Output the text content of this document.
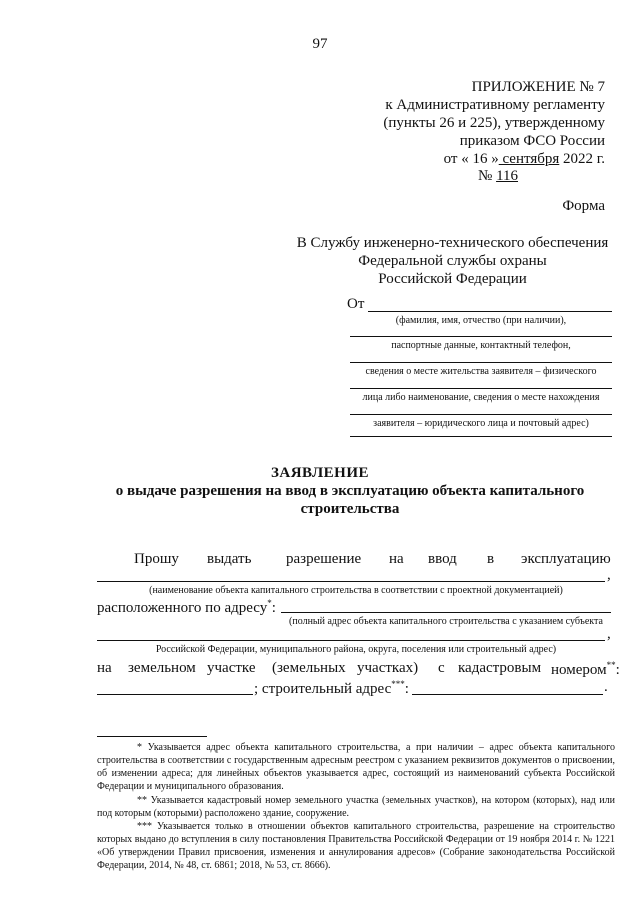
97
ПРИЛОЖЕНИЕ № 7
к Административному регламенту
(пункты 26 и 225), утвержденному
приказом ФСО России
от « 16 » сентября 2022 г.
№ 116
Форма
В Службу инженерно-технического обеспечения
Федеральной службы охраны
Российской Федерации
От
(фамилия, имя, отчество (при наличии),
паспортные данные, контактный телефон,
сведения о месте жительства заявителя – физического
лица либо наименование, сведения о месте нахождения
заявителя – юридического лица и почтовый адрес)
ЗАЯВЛЕНИЕ
о выдаче разрешения на ввод в эксплуатацию объекта капитального
строительства
Прошу выдать разрешение на ввод в эксплуатацию
,
(наименование объекта капитального строительства в соответствии с проектной документацией)
расположенного по адресу*:
(полный адрес объекта капитального строительства с указанием субъекта
,
Российской Федерации, муниципального района, округа, поселения или строительный адрес)
на земельном участке (земельных участках) с кадастровым номером**:
; строительный адрес***:	.
* Указывается адрес объекта капитального строительства, а при наличии – адрес объекта капитального строительства в соответствии с государственным адресным реестром с указанием реквизитов документов о присвоении, об изменении адреса; для линейных объектов указывается адрес, состоящий из наименований субъекта Российской Федерации и муниципального образования.
** Указывается кадастровый номер земельного участка (земельных участков), на котором (которых), над или под которым (которыми) расположено здание, сооружение.
*** Указывается только в отношении объектов капитального строительства, разрешение на строительство которых выдано до вступления в силу постановления Правительства Российской Федерации от 19 ноября 2014 г. № 1221 «Об утверждении Правил присвоения, изменения и аннулирования адресов» (Собрание законодательства Российской Федерации, 2014, № 48, ст. 6861; 2018, № 53, ст. 8666).
